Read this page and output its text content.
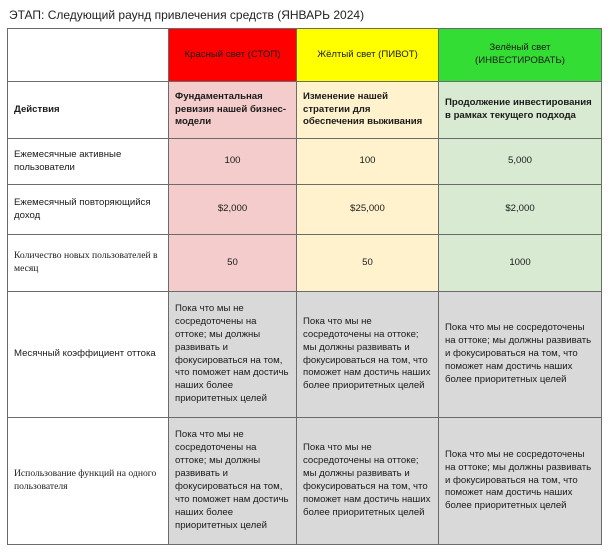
ЭТАП: Следующий раунд привлечения средств (ЯНВАРЬ 2024)
	Красный свет (СТОП)	Жёлтый свет (ПИВОТ)	Зелёный свет (ИНВЕСТИРОВАТЬ)
Действия	Фундаментальная ревизия нашей бизнес-модели	Изменение нашей стратегии для обеспечения выживания	Продолжение инвестирования в рамках текущего подхода
Ежемесячные активные пользователи	100	100	5,000
Ежемесячный повторяющийся доход	$2,000	$25,000	$2,000
Количество новых пользователей в месяц	50	50	1000
Месячный коэффициент оттока	Пока что мы не сосредоточены на оттоке; мы должны развивать и фокусироваться на том, что поможет нам достичь наших более приоритетных целей	Пока что мы не сосредоточены на оттоке; мы должны развивать и фокусироваться на том, что поможет нам достичь наших более приоритетных целей	Пока что мы не сосредоточены на оттоке; мы должны развивать и фокусироваться на том, что поможет нам достичь наших более приоритетных целей
Использование функций на одного пользователя	Пока что мы не сосредоточены на оттоке; мы должны развивать и фокусироваться на том, что поможет нам достичь наших более приоритетных целей	Пока что мы не сосредоточены на оттоке; мы должны развивать и фокусироваться на том, что поможет нам достичь наших более приоритетных целей	Пока что мы не сосредоточены на оттоке; мы должны развивать и фокусироваться на том, что поможет нам достичь наших более приоритетных целей
